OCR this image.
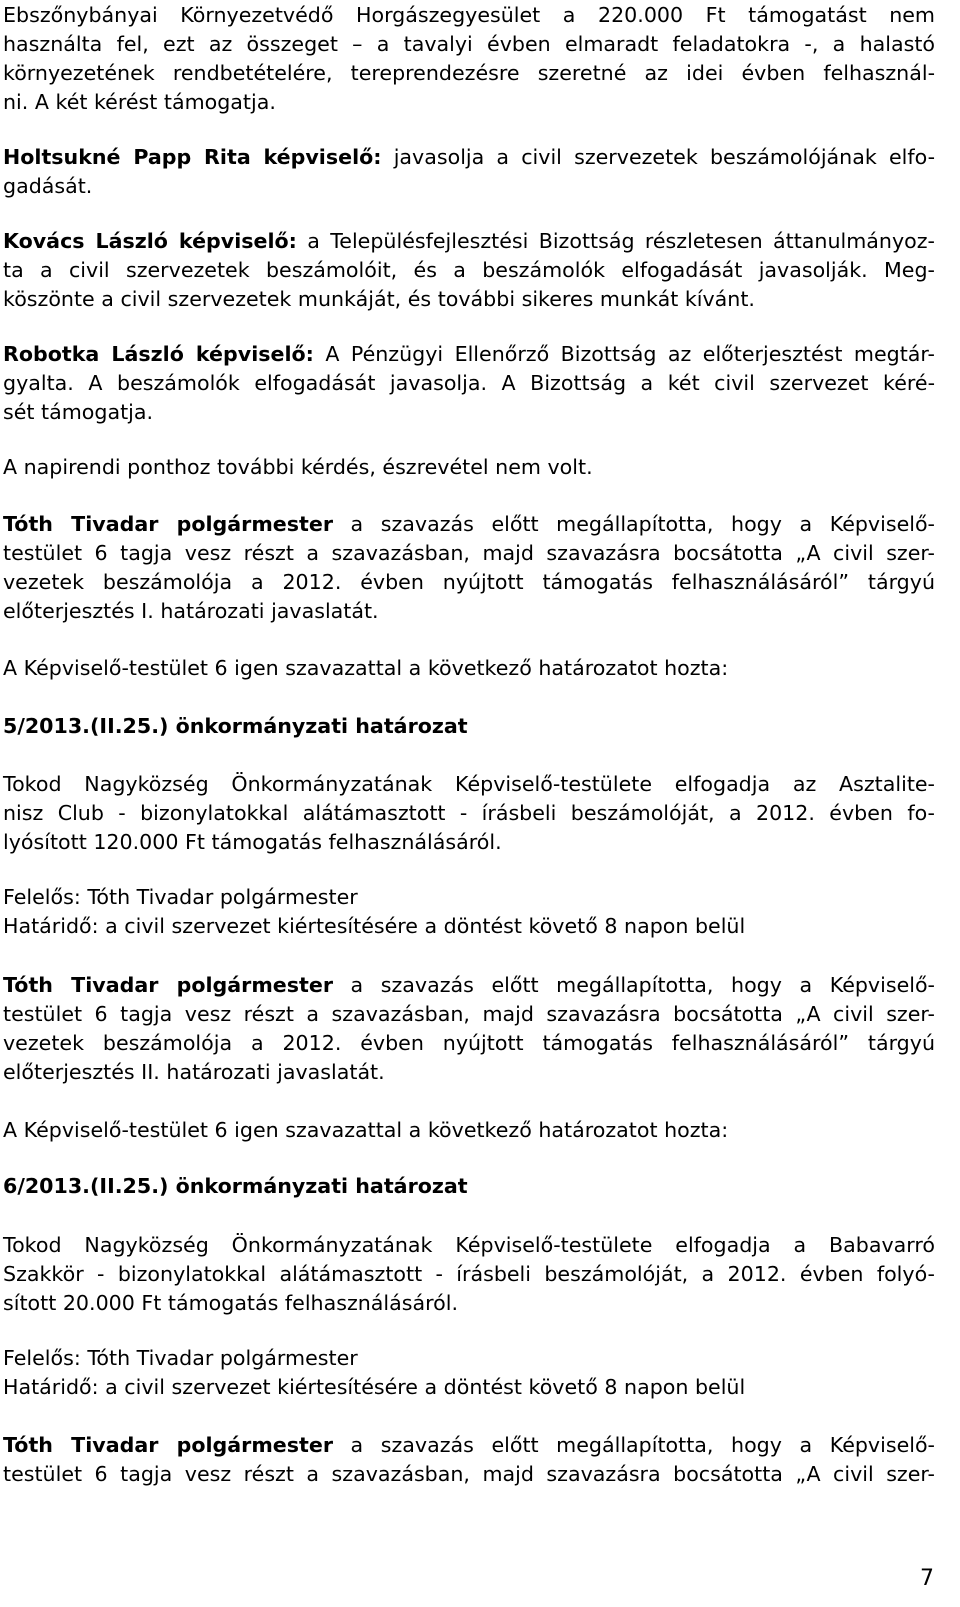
Ebszőnybányai Környezetvédő Horgászegyesület a 220.000 Ft támogatást nem

használta fel, ezt az összeget – a tavalyi évben elmaradt feladatokra -, a halastó

környezetének rendbetételére, tereprendezésre szeretné az idei évben felhasznál-

ni. A két kérést támogatja.

Holtsukné Papp Rita képviselő: javasolja a civil szervezetek beszámolójának elfo-

gadását.

Kovács László képviselő: a Településfejlesztési Bizottság részletesen áttanulmányoz-

ta a civil szervezetek beszámolóit, és a beszámolók elfogadását javasolják. Meg-

köszönte a civil szervezetek munkáját, és további sikeres munkát kívánt.

Robotka László képviselő: A Pénzügyi Ellenőrző Bizottság az előterjesztést megtár-

gyalta. A beszámolók elfogadását javasolja. A Bizottság a két civil szervezet kéré-

sét támogatja.

A napirendi ponthoz további kérdés, észrevétel nem volt.

Tóth Tivadar polgármester a szavazás előtt megállapította, hogy a Képviselő-

testület 6 tagja vesz részt a szavazásban, majd szavazásra bocsátotta „A civil szer-

vezetek beszámolója a 2012. évben nyújtott támogatás felhasználásáról” tárgyú

előterjesztés I. határozati javaslatát.

A Képviselő-testület 6 igen szavazattal a következő határozatot hozta:

5/2013.(II.25.) önkormányzati határozat

Tokod Nagyközség Önkormányzatának Képviselő-testülete elfogadja az Asztalite-

nisz Club - bizonylatokkal alátámasztott - írásbeli beszámolóját, a 2012. évben fo-

lyósított 120.000 Ft támogatás felhasználásáról.

Felelős: Tóth Tivadar polgármester

Határidő: a civil szervezet kiértesítésére a döntést követő 8 napon belül

Tóth Tivadar polgármester a szavazás előtt megállapította, hogy a Képviselő-

testület 6 tagja vesz részt a szavazásban, majd szavazásra bocsátotta „A civil szer-

vezetek beszámolója a 2012. évben nyújtott támogatás felhasználásáról” tárgyú

előterjesztés II. határozati javaslatát.

A Képviselő-testület 6 igen szavazattal a következő határozatot hozta:

6/2013.(II.25.) önkormányzati határozat

Tokod Nagyközség Önkormányzatának Képviselő-testülete elfogadja a Babavarró

Szakkör - bizonylatokkal alátámasztott - írásbeli beszámolóját, a 2012. évben folyó-

sított 20.000 Ft támogatás felhasználásáról.

Felelős: Tóth Tivadar polgármester

Határidő: a civil szervezet kiértesítésére a döntést követő 8 napon belül

Tóth Tivadar polgármester a szavazás előtt megállapította, hogy a Képviselő-

testület 6 tagja vesz részt a szavazásban, majd szavazásra bocsátotta „A civil szer-

7
